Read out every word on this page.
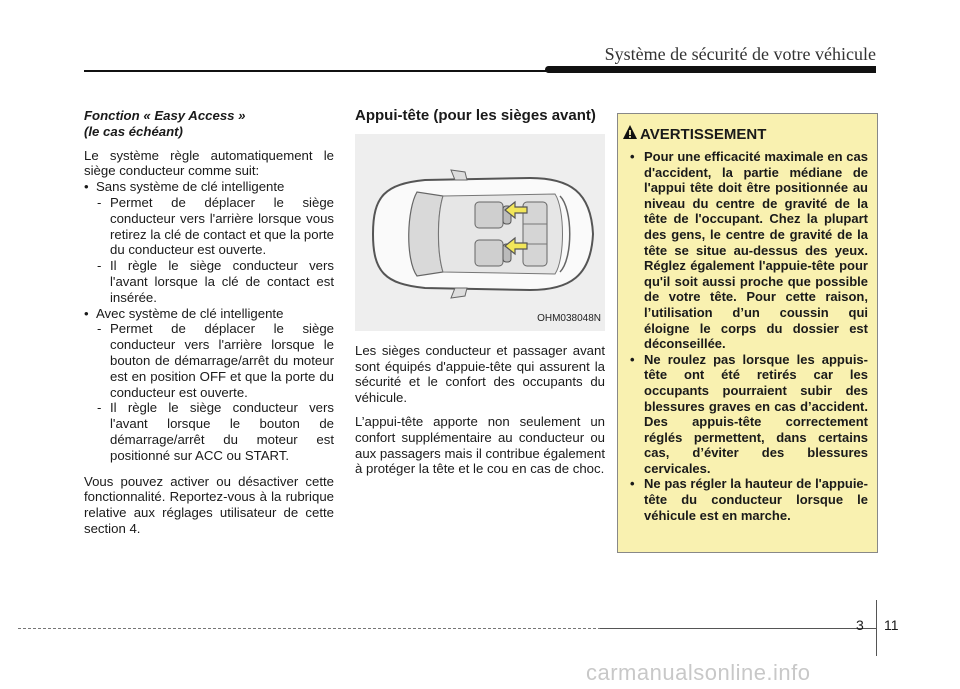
Système de sécurité de votre véhicule
Fonction « Easy Access »
(le cas échéant)

Le système règle automatiquement le siège conducteur comme suit:

• Sans système de clé intelligente
- Permet de déplacer le siège conducteur vers l'arrière lorsque vous retirez la clé de contact et que la porte du conducteur est ouverte.
- Il règle le siège conducteur vers l'avant lorsque la clé de contact est insérée.
• Avec système de clé intelligente
- Permet de déplacer le siège conducteur vers l'arrière lorsque le bouton de démarrage/arrêt du moteur est en position OFF et que la porte du conducteur est ouverte.
- Il règle le siège conducteur vers l'avant lorsque le bouton de démarrage/arrêt du moteur est positionné sur ACC ou START.

Vous pouvez activer ou désactiver cette fonctionnalité. Reportez-vous à la rubrique relative aux réglages utilisateur de cette section 4.

Appui-tête (pour les sièges avant)
OHM038048N

Les sièges conducteur et passager avant sont équipés d'appuie-tête qui assurent la sécurité et le confort des occupants du véhicule.

L’appui-tête apporte non seulement un confort supplémentaire au conducteur ou aux passagers mais il contribue également à protéger la tête et le cou en cas de choc.

AVERTISSEMENT
• Pour une efficacité maximale en cas d'accident, la partie médiane de l'appui tête doit être positionnée au niveau du centre de gravité de la tête de l'occupant. Chez la plupart des gens, le centre de gravité de la tête se situe au-dessus des yeux. Réglez également l'appuie-tête pour qu'il soit aussi proche que possible de votre tête. Pour cette raison, l’utilisation d’un coussin qui éloigne le corps du dossier est déconseillée.
• Ne roulez pas lorsque les appuis-tête ont été retirés car les occupants pourraient subir des blessures graves en cas d’accident. Des appuis-tête correctement réglés permettent, dans certains cas, d’éviter des blessures cervicales.
• Ne pas régler la hauteur de l'appuie-tête du conducteur lorsque le véhicule est en marche.
3 11
carmanualsonline.info
